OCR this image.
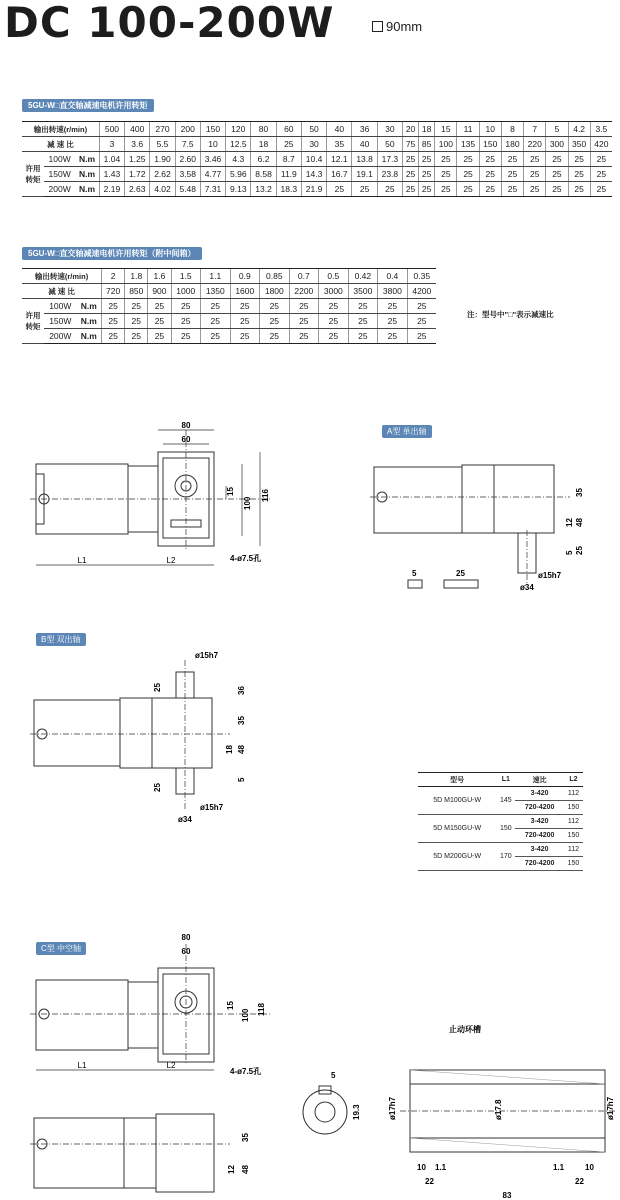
DC 100-200W	90mm
5GU-W□直交轴减速电机许用转矩
输出转速(r/min)			500	400	270	200	150	120	80	60	50	40	36	30	20	18	15	11	10	8	7	5	4.2	3.5
减 速 比			3	3.6	5.5	7.5	10	12.5	18	25	30	35	40	50	75	85	100	135	150	180	220	300	350	420
许用转矩	100W	N.m	1.04	1.25	1.90	2.60	3.46	4.3	6.2	8.7	10.4	12.1	13.8	17.3	25	25	25	25	25	25	25	25	25	25
	150W	N.m	1.43	1.72	2.62	3.58	4.77	5.96	8.58	11.9	14.3	16.7	19.1	23.8	25	25	25	25	25	25	25	25	25	25
	200W	N.m	2.19	2.63	4.02	5.48	7.31	9.13	13.2	18.3	21.9	25	25	25	25	25	25	25	25	25	25	25	25	25
5GU-W□直交轴减速电机许用转矩（附中间箱）
输出转速(r/min)			2	1.8	1.6	1.5	1.1	0.9	0.85	0.7	0.5	0.42	0.4	0.35
减 速 比			720	850	900	1000	1350	1600	1800	2200	3000	3500	3800	4200
许用转矩	100W	N.m	25	25	25	25	25	25	25	25	25	25	25	25
	150W	N.m	25	25	25	25	25	25	25	25	25	25	25	25
	200W	N.m	25	25	25	25	25	25	25	25	25	25	25	25
注：型号中"□"表示减速比
80
60
116
100
15
L1	L2	4-ø7.5孔
A型 单出轴
35
12 48
5 25
ø15h7
ø34
5	25
B型 双出轴
ø15h7
36
35
18 48
5
25
25
ø15h7
ø34
型号	L1	速比	L2
5D M100GU-W	145	3-420	112
		720-4200	150
5D M150GU-W	150	3-420	112
		720-4200	150
5D M200GU-W	170	3-420	112
		720-4200	150
C型 中空轴
80
60
118
100
15
L1	L2
4-ø7.5孔
35
12 48
5
19.3
止动环槽
ø17h7	ø17.8	ø17h7
10 1.1	1.1	10
22	22
83
